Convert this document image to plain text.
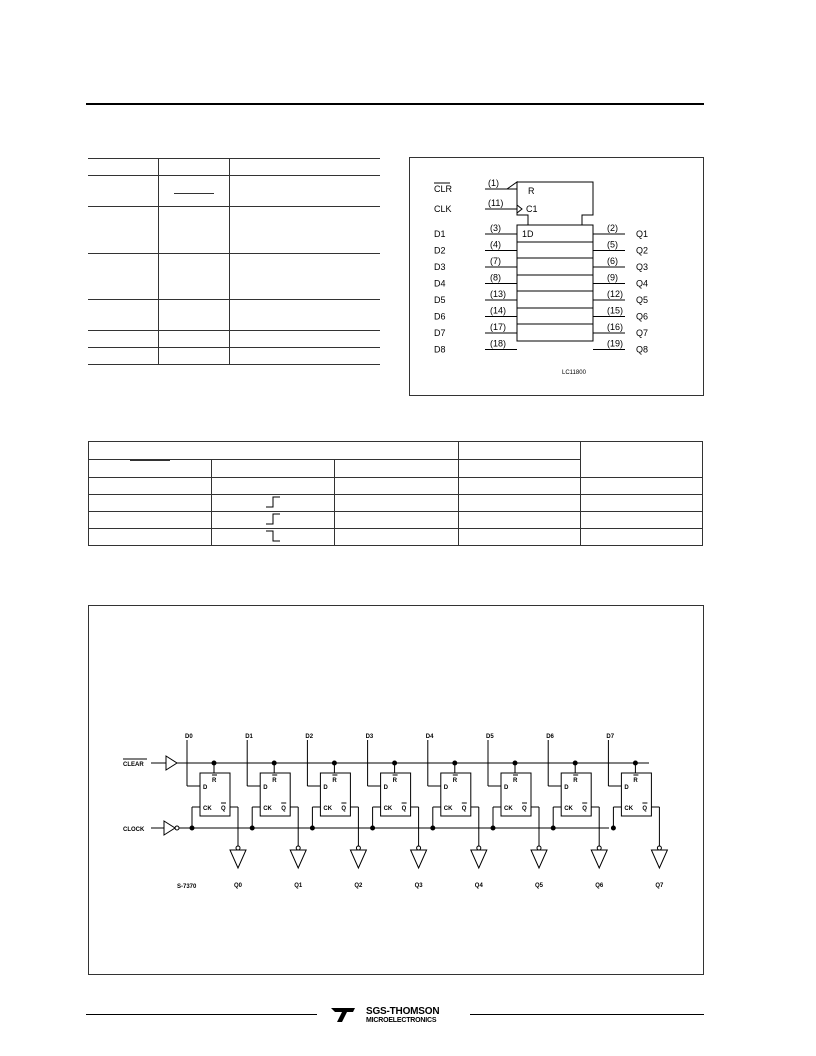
CLR
(1)
CLK
(11)
R
C1
1D
D1
(3)
D2
(4)
D3
(7)
D4
(8)
D5
(13)
D6
(14)
D7
(17)
D8
(18)
Q1
(2)
Q2
(5)
Q3
(6)
Q4
(9)
Q5
(12)
Q6
(15)
Q7
(16)
Q8
(19)
LC11800

CLEAR
CLOCK
S-7370
D0
Q0
D
R
CK Q
D1
Q1
D
R
CK Q
D2
Q2
D
R
CK Q
D3
Q3
D
R
CK Q
D4
Q4
D
R
CK Q
D5
Q5
D
R
CK Q
D6
Q6
D
R
CK Q
D7
Q7
D
R
CK Q
SGS-THOMSON
MICROELECTRONICS
